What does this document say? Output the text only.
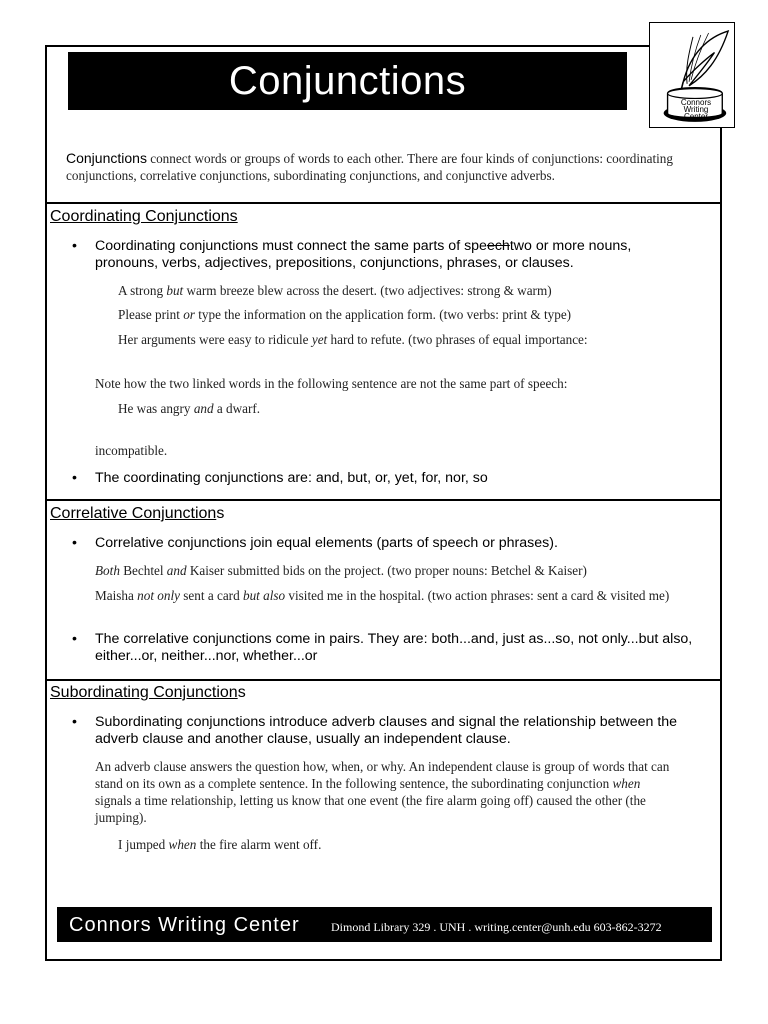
Conjunctions	Connors
Writing
Center
Conjunctions connect words or groups of words to each other. There are four kinds of conjunctions: coordinating conjunctions, correlative conjunctions, subordinating conjunctions, and conjunctive adverbs.
Coordinating Conjunctions
• Coordinating conjunctions must connect the same parts of speechtwo or more nouns, pronouns, verbs, adjectives, prepositions, conjunctions, phrases, or clauses.
A strong but warm breeze blew across the desert. (two adjectives: strong & warm)
Please print or type the information on the application form. (two verbs: print & type)
Her arguments were easy to ridicule yet hard to refute. (two phrases of equal importance:
Note how the two linked words in the following sentence are not the same part of speech:
He was angry and a dwarf.
incompatible.
• The coordinating conjunctions are: and, but, or, yet, for, nor, so
Correlative Conjunctions
• Correlative conjunctions join equal elements (parts of speech or phrases).
Both Bechtel and Kaiser submitted bids on the project. (two proper nouns: Betchel & Kaiser)
Maisha not only sent a card but also visited me in the hospital. (two action phrases: sent a card & visited me)
• The correlative conjunctions come in pairs. They are: both...and, just as...so, not only...but also, either...or, neither...nor, whether...or
Subordinating Conjunctions
• Subordinating conjunctions introduce adverb clauses and signal the relationship between the adverb clause and another clause, usually an independent clause.
An adverb clause answers the question how, when, or why. An independent clause is group of words that can stand on its own as a complete sentence. In the following sentence, the subordinating conjunction when signals a time relationship, letting us know that one event (the fire alarm going off) caused the other (the jumping).
I jumped when the fire alarm went off.
Connors Writing Center	Dimond Library 329 . UNH . writing.center@unh.edu 603-862-3272
